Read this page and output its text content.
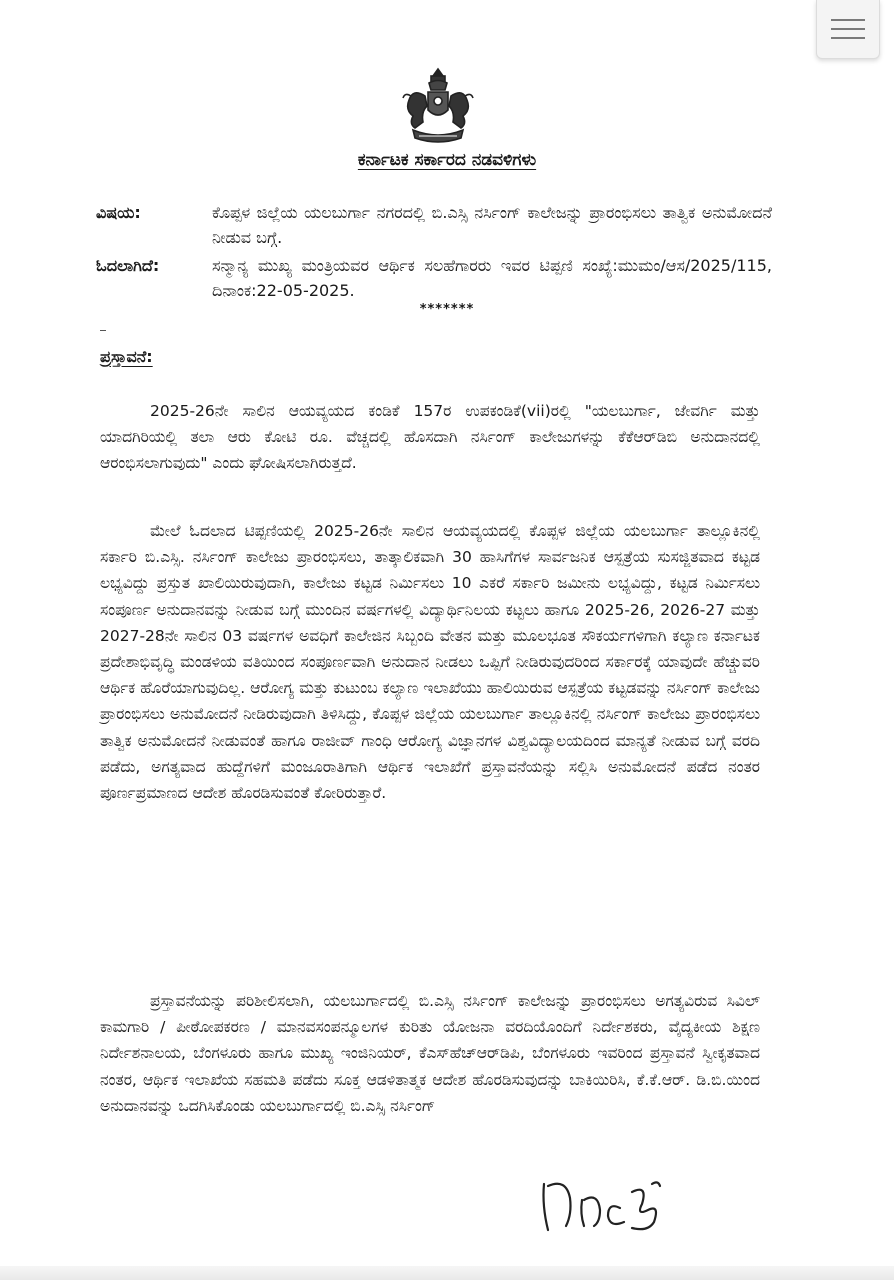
ಕರ್ನಾಟಕ ಸರ್ಕಾರದ ನಡವಳಿಗಳು
ವಿಷಯ:	ಕೊಪ್ಪಳ ಜಿಲ್ಲೆಯ ಯಲಬುರ್ಗಾ ನಗರದಲ್ಲಿ ಬಿ.ಎಸ್ಸಿ ನರ್ಸಿಂಗ್ ಕಾಲೇಜನ್ನು ಪ್ರಾರಂಭಿಸಲು ತಾತ್ವಿಕ ಅನುಮೋದನೆ ನೀಡುವ ಬಗ್ಗೆ.
ಓದಲಾಗಿದೆ:	ಸನ್ಮಾನ್ಯ ಮುಖ್ಯ ಮಂತ್ರಿಯವರ ಆರ್ಥಿಕ ಸಲಹೆಗಾರರು ಇವರ ಟಿಪ್ಪಣಿ ಸಂಖ್ಯೆ:ಮುಮಂ/ಆಸ/2025/115, ದಿನಾಂಕ:22-05-2025.
*******
ಪ್ರಸ್ತಾವನೆ:

2025-26ನೇ ಸಾಲಿನ ಆಯವ್ಯಯದ ಕಂಡಿಕೆ 157ರ ಉಪಕಂಡಿಕೆ(vii)ರಲ್ಲಿ "ಯಲಬುರ್ಗಾ, ಜೇವರ್ಗಿ ಮತ್ತು ಯಾದಗಿರಿಯಲ್ಲಿ ತಲಾ ಆರು ಕೋಟಿ ರೂ. ವೆಚ್ಚದಲ್ಲಿ ಹೊಸದಾಗಿ ನರ್ಸಿಂಗ್ ಕಾಲೇಜುಗಳನ್ನು ಕೆಕೆಆರ್‌ಡಿಬಿ ಅನುದಾನದಲ್ಲಿ ಆರಂಭಿಸಲಾಗುವುದು" ಎಂದು ಘೋಷಿಸಲಾಗಿರುತ್ತದೆ.

ಮೇಲೆ ಓದಲಾದ ಟಿಪ್ಪಣಿಯಲ್ಲಿ 2025-26ನೇ ಸಾಲಿನ ಆಯವ್ಯಯದಲ್ಲಿ ಕೊಪ್ಪಳ ಜಿಲ್ಲೆಯ ಯಲಬುರ್ಗಾ ತಾಲ್ಲೂಕಿನಲ್ಲಿ ಸರ್ಕಾರಿ ಬಿ.ಎಸ್ಸಿ. ನರ್ಸಿಂಗ್ ಕಾಲೇಜು ಪ್ರಾರಂಭಿಸಲು, ತಾತ್ಕಾಲಿಕವಾಗಿ 30 ಹಾಸಿಗೆಗಳ ಸಾರ್ವಜನಿಕ ಆಸ್ಪತ್ರೆಯ ಸುಸಜ್ಜಿತವಾದ ಕಟ್ಟಡ ಲಭ್ಯವಿದ್ದು ಪ್ರಸ್ತುತ ಖಾಲಿಯಿರುವುದಾಗಿ, ಕಾಲೇಜು ಕಟ್ಟಡ ನಿರ್ಮಿಸಲು 10 ಎಕರೆ ಸರ್ಕಾರಿ ಜಮೀನು ಲಭ್ಯವಿದ್ದು, ಕಟ್ಟಡ ನಿರ್ಮಿಸಲು ಸಂಪೂರ್ಣ ಅನುದಾನವನ್ನು ನೀಡುವ ಬಗ್ಗೆ ಮುಂದಿನ ವರ್ಷಗಳಲ್ಲಿ ವಿದ್ಯಾರ್ಥಿನಿಲಯ ಕಟ್ಟಲು ಹಾಗೂ 2025-26, 2026-27 ಮತ್ತು 2027-28ನೇ ಸಾಲಿನ 03 ವರ್ಷಗಳ ಅವಧಿಗೆ ಕಾಲೇಜಿನ ಸಿಬ್ಬಂದಿ ವೇತನ ಮತ್ತು ಮೂಲಭೂತ ಸೌಕರ್ಯಗಳಿಗಾಗಿ ಕಲ್ಯಾಣ ಕರ್ನಾಟಕ ಪ್ರದೇಶಾಭಿವೃದ್ಧಿ ಮಂಡಳಿಯ ವತಿಯಿಂದ ಸಂಪೂರ್ಣವಾಗಿ ಅನುದಾನ ನೀಡಲು ಒಪ್ಪಿಗೆ ನೀಡಿರುವುದರಿಂದ ಸರ್ಕಾರಕ್ಕೆ ಯಾವುದೇ ಹೆಚ್ಚುವರಿ ಆರ್ಥಿಕ ಹೊರೆಯಾಗುವುದಿಲ್ಲ. ಆರೋಗ್ಯ ಮತ್ತು ಕುಟುಂಬ ಕಲ್ಯಾಣ ಇಲಾಖೆಯು ಹಾಲಿಯಿರುವ ಆಸ್ಪತ್ರೆಯ ಕಟ್ಟಡವನ್ನು ನರ್ಸಿಂಗ್ ಕಾಲೇಜು ಪ್ರಾರಂಭಿಸಲು ಅನುಮೋದನೆ ನೀಡಿರುವುದಾಗಿ ತಿಳಿಸಿದ್ದು, ಕೊಪ್ಪಳ ಜಿಲ್ಲೆಯ ಯಲಬುರ್ಗಾ ತಾಲ್ಲೂಕಿನಲ್ಲಿ ನರ್ಸಿಂಗ್ ಕಾಲೇಜು ಪ್ರಾರಂಭಿಸಲು ತಾತ್ವಿಕ ಅನುಮೋದನೆ ನೀಡುವಂತೆ ಹಾಗೂ ರಾಜೀವ್ ಗಾಂಧಿ ಆರೋಗ್ಯ ವಿಜ್ಞಾನಗಳ ವಿಶ್ವವಿದ್ಯಾಲಯದಿಂದ ಮಾನ್ಯತೆ ನೀಡುವ ಬಗ್ಗೆ ವರದಿ ಪಡೆದು, ಅಗತ್ಯವಾದ ಹುದ್ದೆಗಳಿಗೆ ಮಂಜೂರಾತಿಗಾಗಿ ಆರ್ಥಿಕ ಇಲಾಖೆಗೆ ಪ್ರಸ್ತಾವನೆಯನ್ನು ಸಲ್ಲಿಸಿ ಅನುಮೋದನೆ ಪಡೆದ ನಂತರ ಪೂರ್ಣಪ್ರಮಾಣದ ಆದೇಶ ಹೊರಡಿಸುವಂತೆ ಕೋರಿರುತ್ತಾರೆ.

ಪ್ರಸ್ತಾವನೆಯನ್ನು ಪರಿಶೀಲಿಸಲಾಗಿ, ಯಲಬುರ್ಗಾದಲ್ಲಿ ಬಿ.ಎಸ್ಸಿ ನರ್ಸಿಂಗ್ ಕಾಲೇಜನ್ನು ಪ್ರಾರಂಭಿಸಲು ಅಗತ್ಯವಿರುವ ಸಿವಿಲ್ ಕಾಮಗಾರಿ / ಪೀಠೋಪಕರಣ / ಮಾನವಸಂಪನ್ಮೂಲಗಳ ಕುರಿತು ಯೋಜನಾ ವರದಿಯೊಂದಿಗೆ ನಿರ್ದೇಶಕರು, ವೈದ್ಯಕೀಯ ಶಿಕ್ಷಣ ನಿರ್ದೇಶನಾಲಯ, ಬೆಂಗಳೂರು ಹಾಗೂ ಮುಖ್ಯ ಇಂಜಿನಿಯರ್, ಕೆಎಸ್‌ಹೆಚ್‌ಆರ್‌ಡಿಪಿ, ಬೆಂಗಳೂರು ಇವರಿಂದ ಪ್ರಸ್ತಾವನೆ ಸ್ವೀಕೃತವಾದ ನಂತರ, ಆರ್ಥಿಕ ಇಲಾಖೆಯ ಸಹಮತಿ ಪಡೆದು ಸೂಕ್ತ ಆಡಳಿತಾತ್ಮಕ ಆದೇಶ ಹೊರಡಿಸುವುದನ್ನು ಬಾಕಿಯಿರಿಸಿ, ಕೆ.ಕೆ.ಆರ್. ಡಿ.ಬಿ.ಯಿಂದ ಅನುದಾನವನ್ನು ಒದಗಿಸಿಕೊಂಡು ಯಲಬುರ್ಗಾದಲ್ಲಿ ಬಿ.ಎಸ್ಸಿ ನರ್ಸಿಂಗ್
